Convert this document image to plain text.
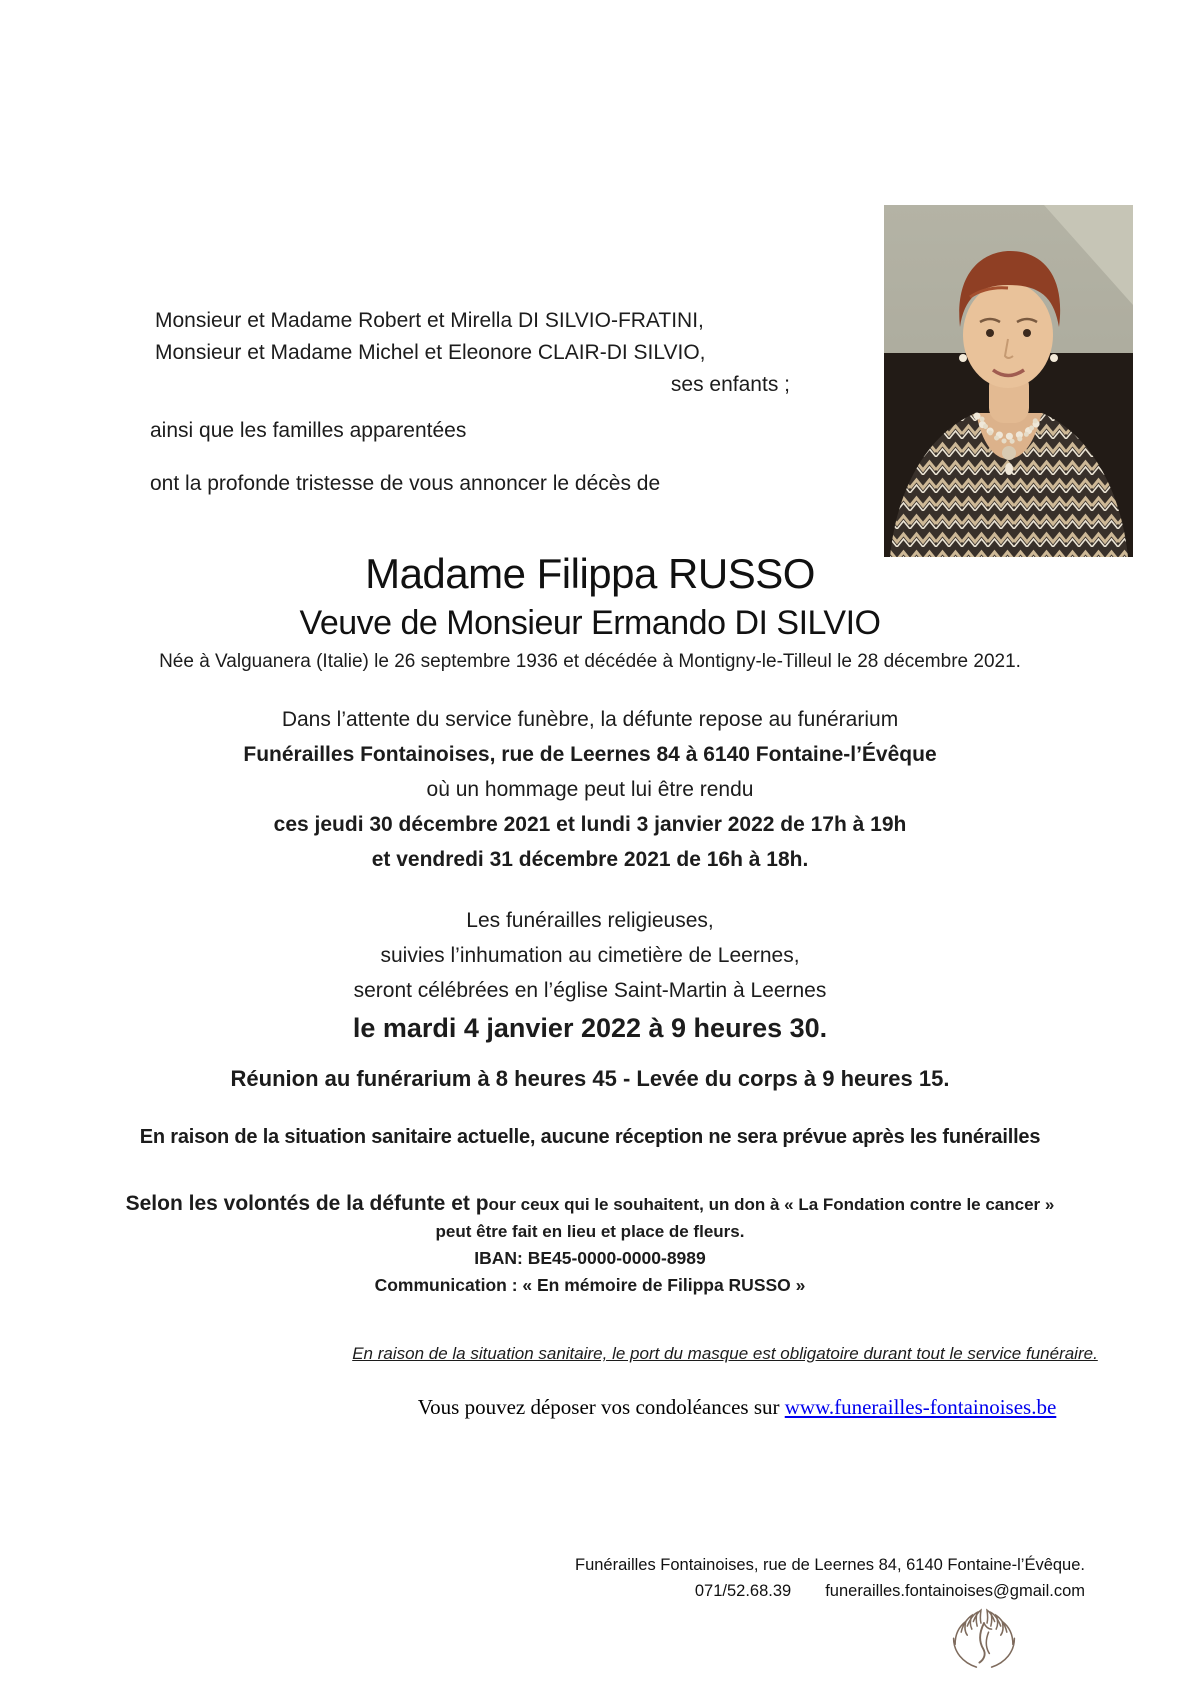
Monsieur et Madame Robert et Mirella DI SILVIO-FRATINI,
Monsieur et Madame Michel et Eleonore CLAIR-DI SILVIO,
ses enfants ;
ainsi que les familles apparentées
ont la profonde tristesse de vous annoncer le décès de
Madame Filippa RUSSO
Veuve de Monsieur Ermando DI SILVIO
Née à Valguanera (Italie) le 26 septembre 1936 et décédée à Montigny-le-Tilleul le 28 décembre 2021.
Dans l’attente du service funèbre, la défunte repose au funérarium
Funérailles Fontainoises, rue de Leernes 84 à 6140 Fontaine-l’Évêque
où un hommage peut lui être rendu
ces jeudi 30 décembre 2021 et lundi 3 janvier 2022 de 17h à 19h
et vendredi 31 décembre 2021 de 16h à 18h.
Les funérailles religieuses,
suivies l’inhumation au cimetière de Leernes,
seront célébrées en l’église Saint-Martin à Leernes
le mardi 4 janvier 2022 à 9 heures 30.
Réunion au funérarium à 8 heures 45 - Levée du corps à 9 heures 15.
En raison de la situation sanitaire actuelle, aucune réception ne sera prévue après les funérailles
Selon les volontés de la défunte et pour ceux qui le souhaitent, un don à « La Fondation contre le cancer »
peut être fait en lieu et place de fleurs.
IBAN: BE45-0000-0000-8989
Communication : « En mémoire de Filippa RUSSO »
En raison de la situation sanitaire, le port du masque est obligatoire durant tout le service funéraire.
Vous pouvez déposer vos condoléances sur www.funerailles-fontainoises.be
Funérailles Fontainoises, rue de Leernes 84, 6140 Fontaine-l’Évêque.
071/52.68.39 funerailles.fontainoises@gmail.com
